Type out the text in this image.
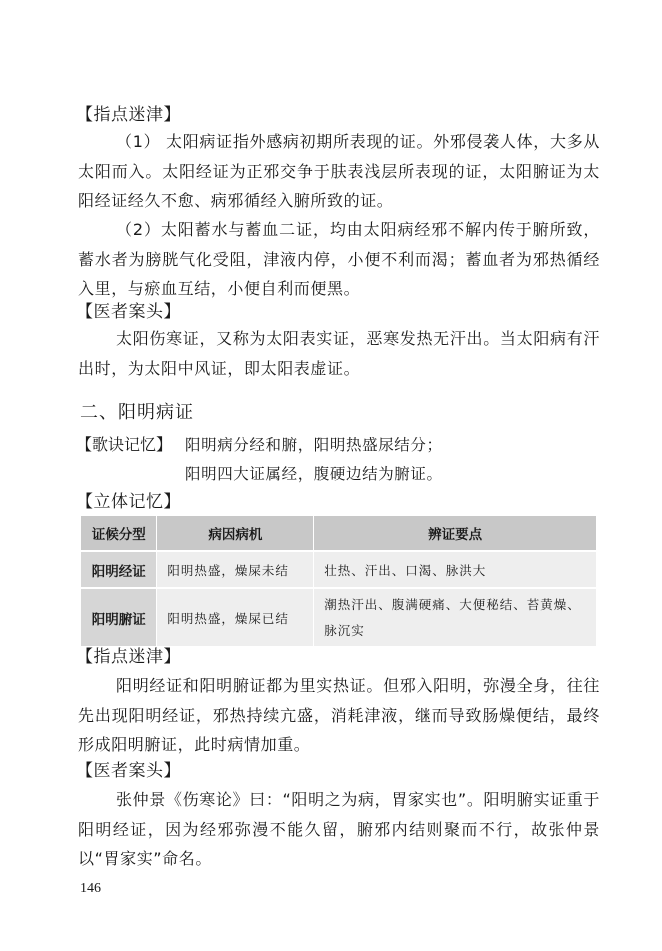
【指点迷津】
（1） 太阳病证指外感病初期所表现的证。外邪侵袭人体，大多从太阳而入。太阳经证为正邪交争于肤表浅层所表现的证，太阳腑证为太阳经证经久不愈、病邪循经入腑所致的证。
（2）太阳蓄水与蓄血二证，均由太阳病经邪不解内传于腑所致，蓄水者为膀胱气化受阻，津液内停，小便不利而渴；蓄血者为邪热循经入里，与瘀血互结，小便自利而便黑。
【医者案头】
太阳伤寒证，又称为太阳表实证，恶寒发热无汗出。当太阳病有汗出时，为太阳中风证，即太阳表虚证。
二、阳明病证
【歌诀记忆】 阳明病分经和腑，阳明热盛尿结分；
阳明四大证属经，腹硬边结为腑证。
【立体记忆】
证候分型	病因病机	辨证要点
阳明经证	阳明热盛，燥屎未结	壮热、汗出、口渴、脉洪大
阳明腑证	阳明热盛，燥屎已结	潮热汗出、腹满硬痛、大便秘结、苔黄燥、脉沉实
【指点迷津】
阳明经证和阳明腑证都为里实热证。但邪入阳明，弥漫全身，往往先出现阳明经证，邪热持续亢盛，消耗津液，继而导致肠燥便结，最终形成阳明腑证，此时病情加重。
【医者案头】
张仲景《伤寒论》曰：“阳明之为病，胃家实也”。阳明腑实证重于阳明经证，因为经邪弥漫不能久留，腑邪内结则聚而不行，故张仲景以“胃家实”命名。
146
